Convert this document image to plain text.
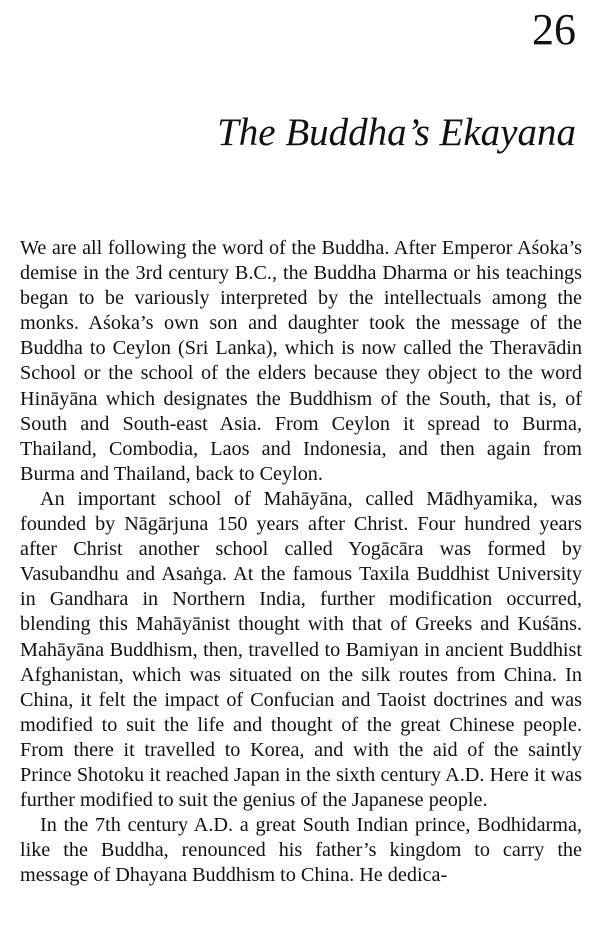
26
The Buddha’s Ekayana

We are all following the word of the Buddha. After Emperor Aśoka’s demise in the 3rd century B.C., the Buddha Dharma or his teachings began to be variously interpreted by the intellectuals among the monks. Aśoka’s own son and daughter took the message of the Buddha to Ceylon (Sri Lanka), which is now called the Theravādin School or the school of the elders because they object to the word Hināyāna which designates the Buddhism of the South, that is, of South and South-east Asia. From Ceylon it spread to Burma, Thailand, Combodia, Laos and Indonesia, and then again from Burma and Thailand, back to Ceylon.

An important school of Mahāyāna, called Mādhyamika, was founded by Nāgārjuna 150 years after Christ. Four hundred years after Christ another school called Yogācāra was formed by Vasubandhu and Asaṅga. At the famous Taxila Buddhist University in Gandhara in Northern India, further modification occurred, blending this Mahāyānist thought with that of Greeks and Kuśāns. Mahāyāna Buddhism, then, travelled to Bamiyan in ancient Buddhist Afghanistan, which was situated on the silk routes from China. In China, it felt the impact of Confucian and Taoist doctrines and was modified to suit the life and thought of the great Chinese people. From there it travelled to Korea, and with the aid of the saintly Prince Shotoku it reached Japan in the sixth century A.D. Here it was further modified to suit the genius of the Japanese people.

In the 7th century A.D. a great South Indian prince, Bodhidarma, like the Buddha, renounced his father’s kingdom to carry the message of Dhayana Buddhism to China. He dedica-
